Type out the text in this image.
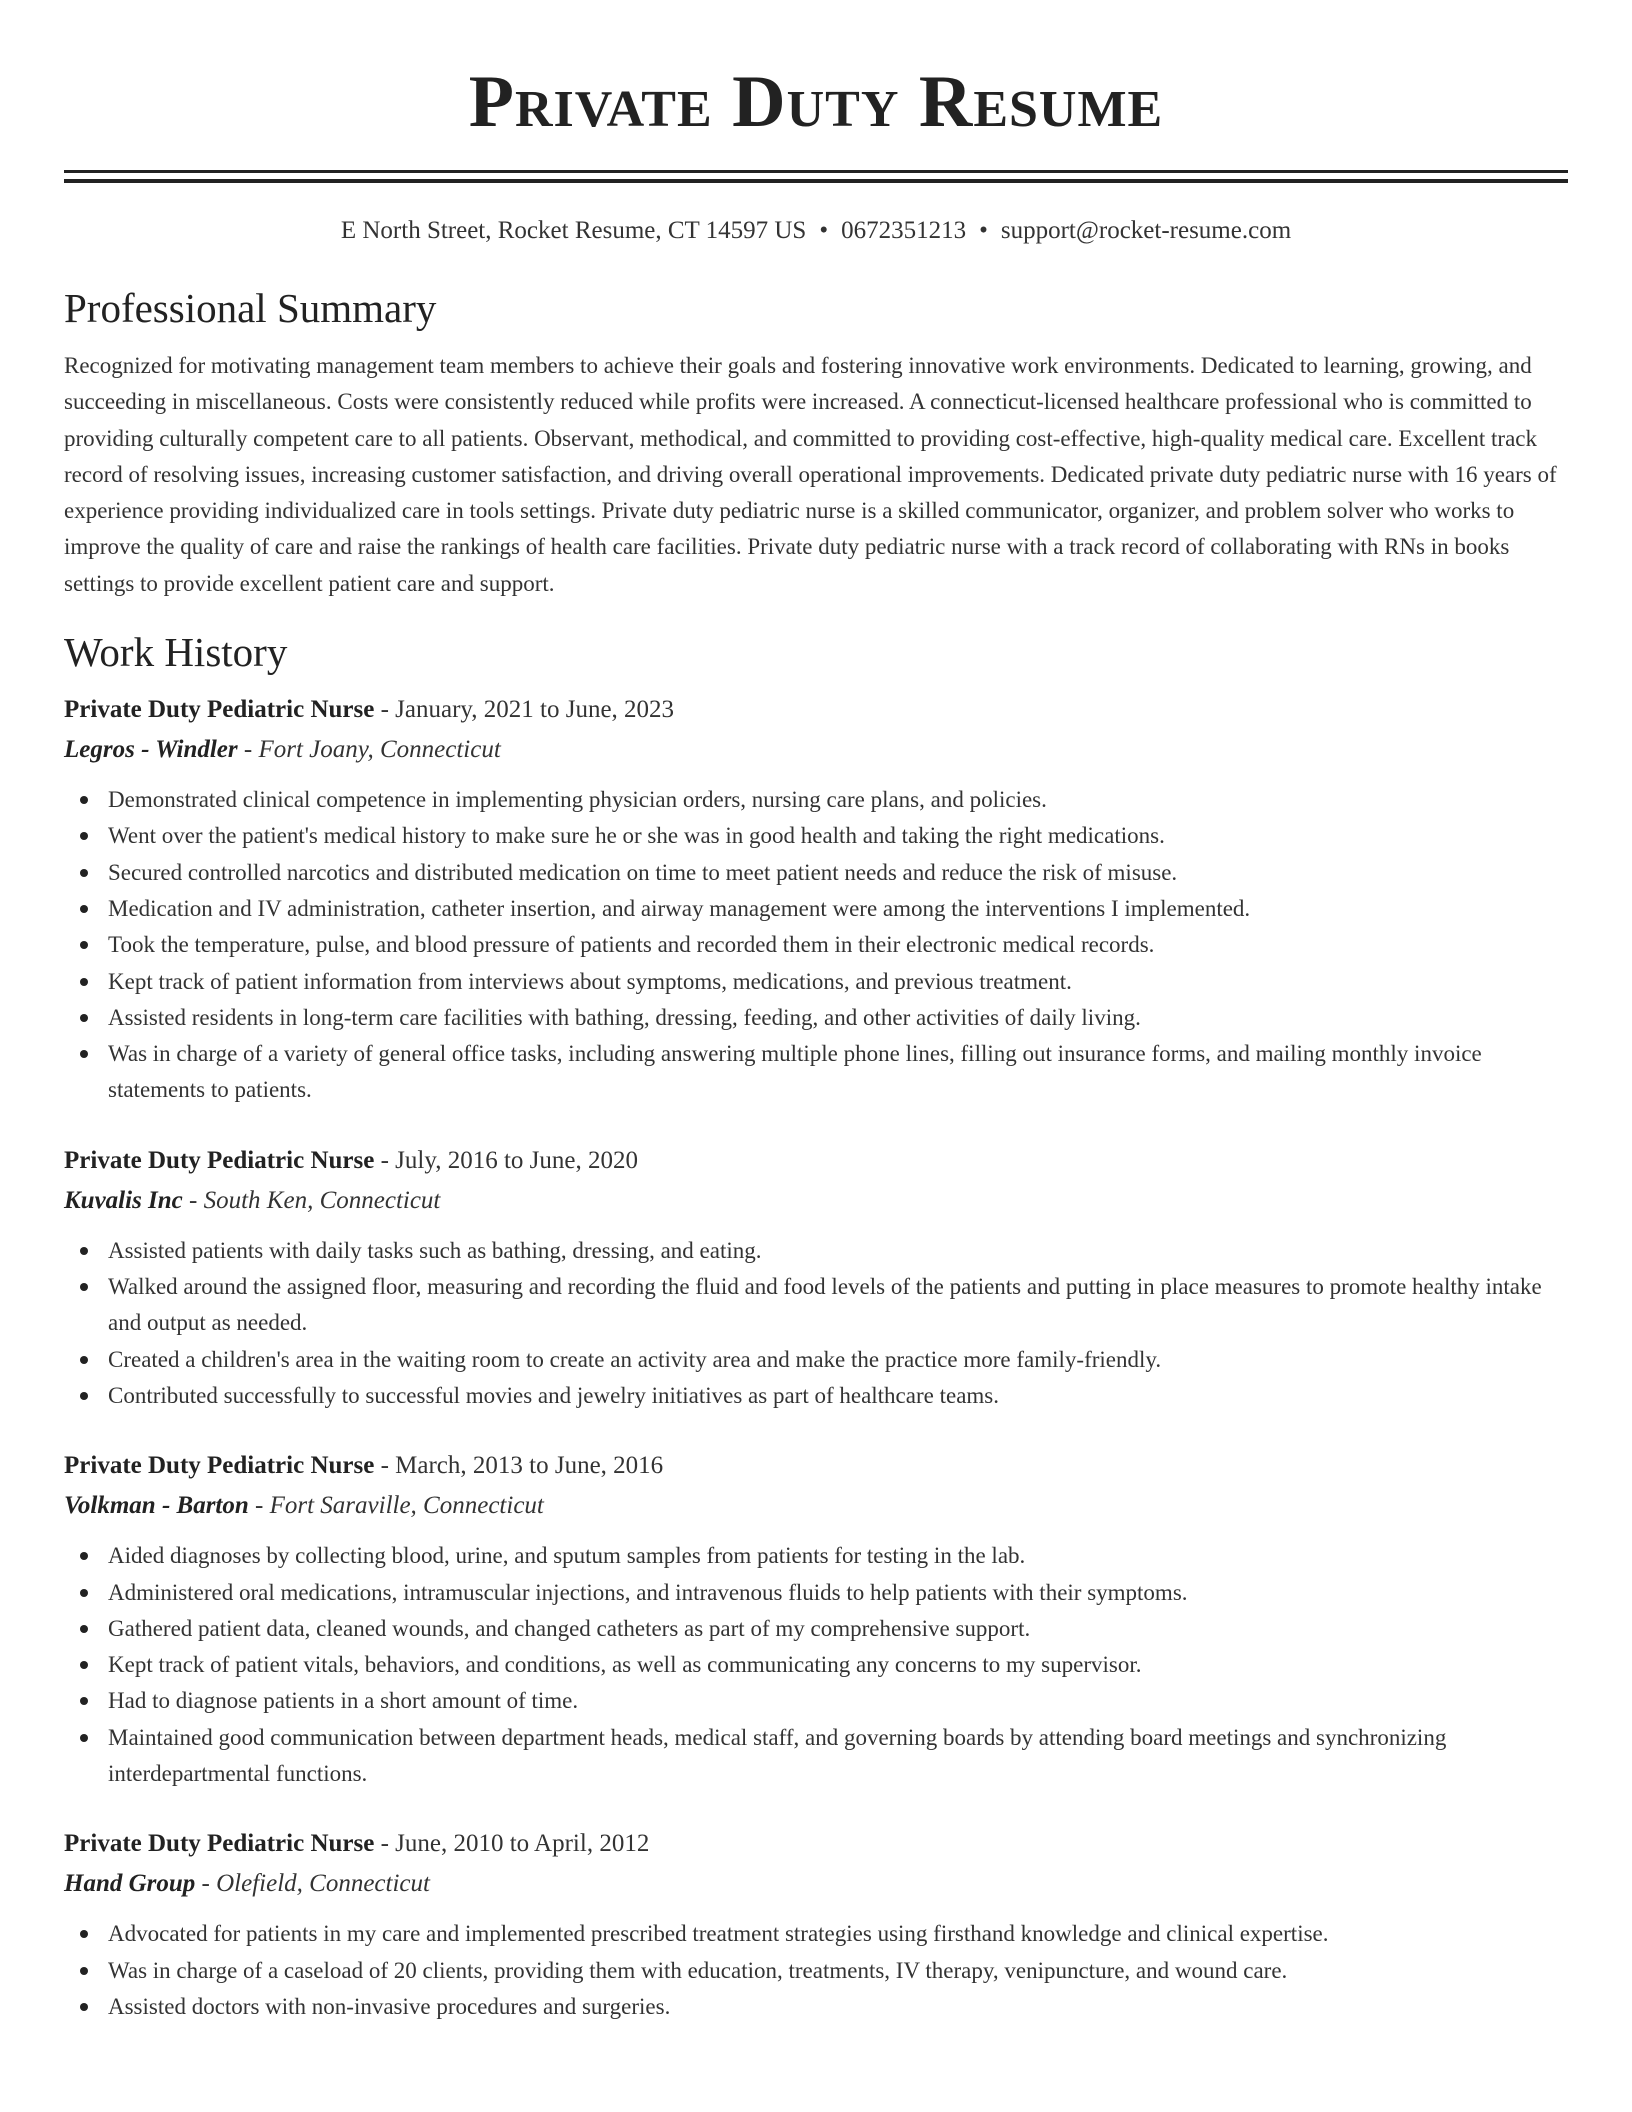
Private Duty Resume
E North Street, Rocket Resume, CT 14597 US • 0672351213 • support@rocket-resume.com
Professional Summary

Recognized for motivating management team members to achieve their goals and fostering innovative work environments. Dedicated to learning, growing, and succeeding in miscellaneous. Costs were consistently reduced while profits were increased. A connecticut-licensed healthcare professional who is committed to providing culturally competent care to all patients. Observant, methodical, and committed to providing cost-effective, high-quality medical care. Excellent track record of resolving issues, increasing customer satisfaction, and driving overall operational improvements. Dedicated private duty pediatric nurse with 16 years of experience providing individualized care in tools settings. Private duty pediatric nurse is a skilled communicator, organizer, and problem solver who works to improve the quality of care and raise the rankings of health care facilities. Private duty pediatric nurse with a track record of collaborating with RNs in books settings to provide excellent patient care and support.

Work History
Private Duty Pediatric Nurse - January, 2021 to June, 2023
Legros - Windler - Fort Joany, Connecticut
Demonstrated clinical competence in implementing physician orders, nursing care plans, and policies.
Went over the patient's medical history to make sure he or she was in good health and taking the right medications.
Secured controlled narcotics and distributed medication on time to meet patient needs and reduce the risk of misuse.
Medication and IV administration, catheter insertion, and airway management were among the interventions I implemented.
Took the temperature, pulse, and blood pressure of patients and recorded them in their electronic medical records.
Kept track of patient information from interviews about symptoms, medications, and previous treatment.
Assisted residents in long-term care facilities with bathing, dressing, feeding, and other activities of daily living.
Was in charge of a variety of general office tasks, including answering multiple phone lines, filling out insurance forms, and mailing monthly invoice statements to patients.
Private Duty Pediatric Nurse - July, 2016 to June, 2020
Kuvalis Inc - South Ken, Connecticut
Assisted patients with daily tasks such as bathing, dressing, and eating.
Walked around the assigned floor, measuring and recording the fluid and food levels of the patients and putting in place measures to promote healthy intake and output as needed.
Created a children's area in the waiting room to create an activity area and make the practice more family-friendly.
Contributed successfully to successful movies and jewelry initiatives as part of healthcare teams.
Private Duty Pediatric Nurse - March, 2013 to June, 2016
Volkman - Barton - Fort Saraville, Connecticut
Aided diagnoses by collecting blood, urine, and sputum samples from patients for testing in the lab.
Administered oral medications, intramuscular injections, and intravenous fluids to help patients with their symptoms.
Gathered patient data, cleaned wounds, and changed catheters as part of my comprehensive support.
Kept track of patient vitals, behaviors, and conditions, as well as communicating any concerns to my supervisor.
Had to diagnose patients in a short amount of time.
Maintained good communication between department heads, medical staff, and governing boards by attending board meetings and synchronizing interdepartmental functions.
Private Duty Pediatric Nurse - June, 2010 to April, 2012
Hand Group - Olefield, Connecticut
Advocated for patients in my care and implemented prescribed treatment strategies using firsthand knowledge and clinical expertise.
Was in charge of a caseload of 20 clients, providing them with education, treatments, IV therapy, venipuncture, and wound care.
Assisted doctors with non-invasive procedures and surgeries.
